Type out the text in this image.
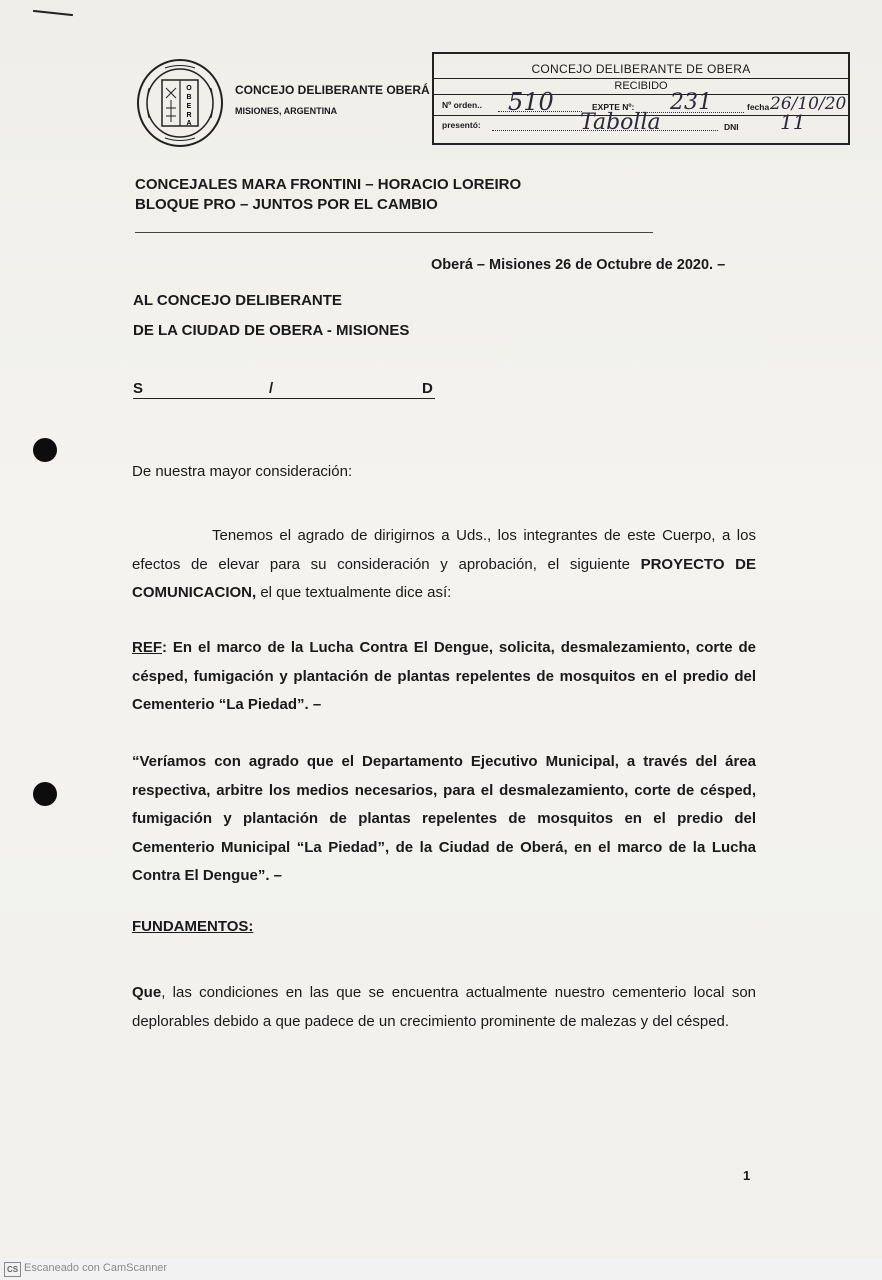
O
B
E
R
A
CONCEJO DELIBERANTE OBERÁ
MISIONES, ARGENTINA
CONCEJO DELIBERANTE DE OBERA
RECIBIDO
Nº orden.. 510	EXPTE Nº: 231	fecha 26/10/20
presentó:	Tabolla	DNI 11
CONCEJALES MARA FRONTINI – HORACIO LOREIRO
BLOQUE PRO – JUNTOS POR EL CAMBIO
Oberá – Misiones 26 de Octubre de 2020. –
AL CONCEJO DELIBERANTE
DE LA CIUDAD DE OBERA - MISIONES
S	/	D
De nuestra mayor consideración:
Tenemos el agrado de dirigirnos a Uds., los integrantes de este Cuerpo, a los efectos de elevar para su consideración y aprobación, el siguiente PROYECTO DE COMUNICACION, el que textualmente dice así:
REF: En el marco de la Lucha Contra El Dengue, solicita, desmalezamiento, corte de césped, fumigación y plantación de plantas repelentes de mosquitos en el predio del Cementerio “La Piedad”. –
“Veríamos con agrado que el Departamento Ejecutivo Municipal, a través del área respectiva, arbitre los medios necesarios, para el desmalezamiento, corte de césped, fumigación y plantación de plantas repelentes de mosquitos en el predio del Cementerio Municipal “La Piedad”, de la Ciudad de Oberá, en el marco de la Lucha Contra El Dengue”. –
FUNDAMENTOS:
Que, las condiciones en las que se encuentra actualmente nuestro cementerio local son deplorables debido a que padece de un crecimiento prominente de malezas y del césped.
1
CS Escaneado con CamScanner
